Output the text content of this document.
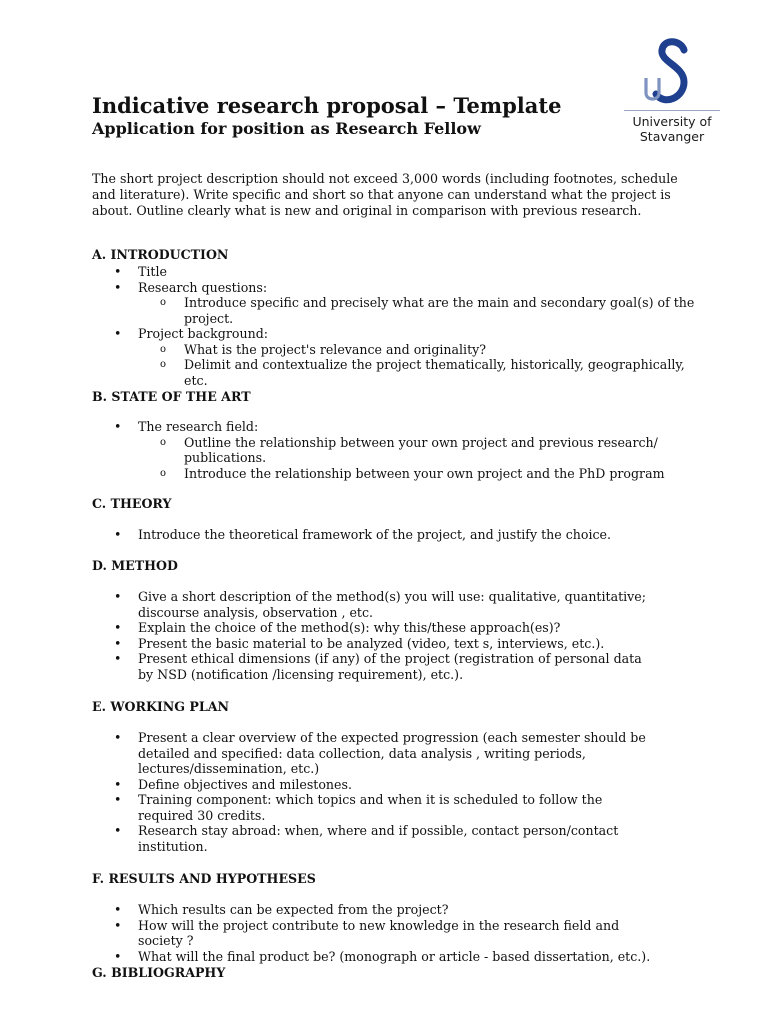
University of
Stavanger
Indicative research proposal – Template
Application for position as Research Fellow

The short project description should not exceed 3,000 words (including footnotes, schedule and literature). Write specific and short so that anyone can understand what the project is about. Outline clearly what is new and original in comparison with previous research.

A. INTRODUCTION
• Title
• Research questions:
o Introduce specific and precisely what are the main and secondary goal(s) of the project.
• Project background:
o What is the project's relevance and originality?
o Delimit and contextualize the project thematically, historically, geographically, etc.
B. STATE OF THE ART
• The research field:
o Outline the relationship between your own project and previous research/ publications.
o Introduce the relationship between your own project and the PhD program
C. THEORY
• Introduce the theoretical framework of the project, and justify the choice.
D. METHOD
• Give a short description of the method(s) you will use: qualitative, quantitative; discourse analysis, observation , etc.
• Explain the choice of the method(s): why this/these approach(es)?
• Present the basic material to be analyzed (video, text s, interviews, etc.).
• Present ethical dimensions (if any) of the project (registration of personal data by NSD (notification /licensing requirement), etc.).
E. WORKING PLAN
• Present a clear overview of the expected progression (each semester should be detailed and specified: data collection, data analysis , writing periods, lectures/dissemination, etc.)
• Define objectives and milestones.
• Training component: which topics and when it is scheduled to follow the required 30 credits.
• Research stay abroad: when, where and if possible, contact person/contact institution.
F. RESULTS AND HYPOTHESES
• Which results can be expected from the project?
• How will the project contribute to new knowledge in the research field and society ?
• What will the final product be? (monograph or article - based dissertation, etc.).
G. BIBLIOGRAPHY
